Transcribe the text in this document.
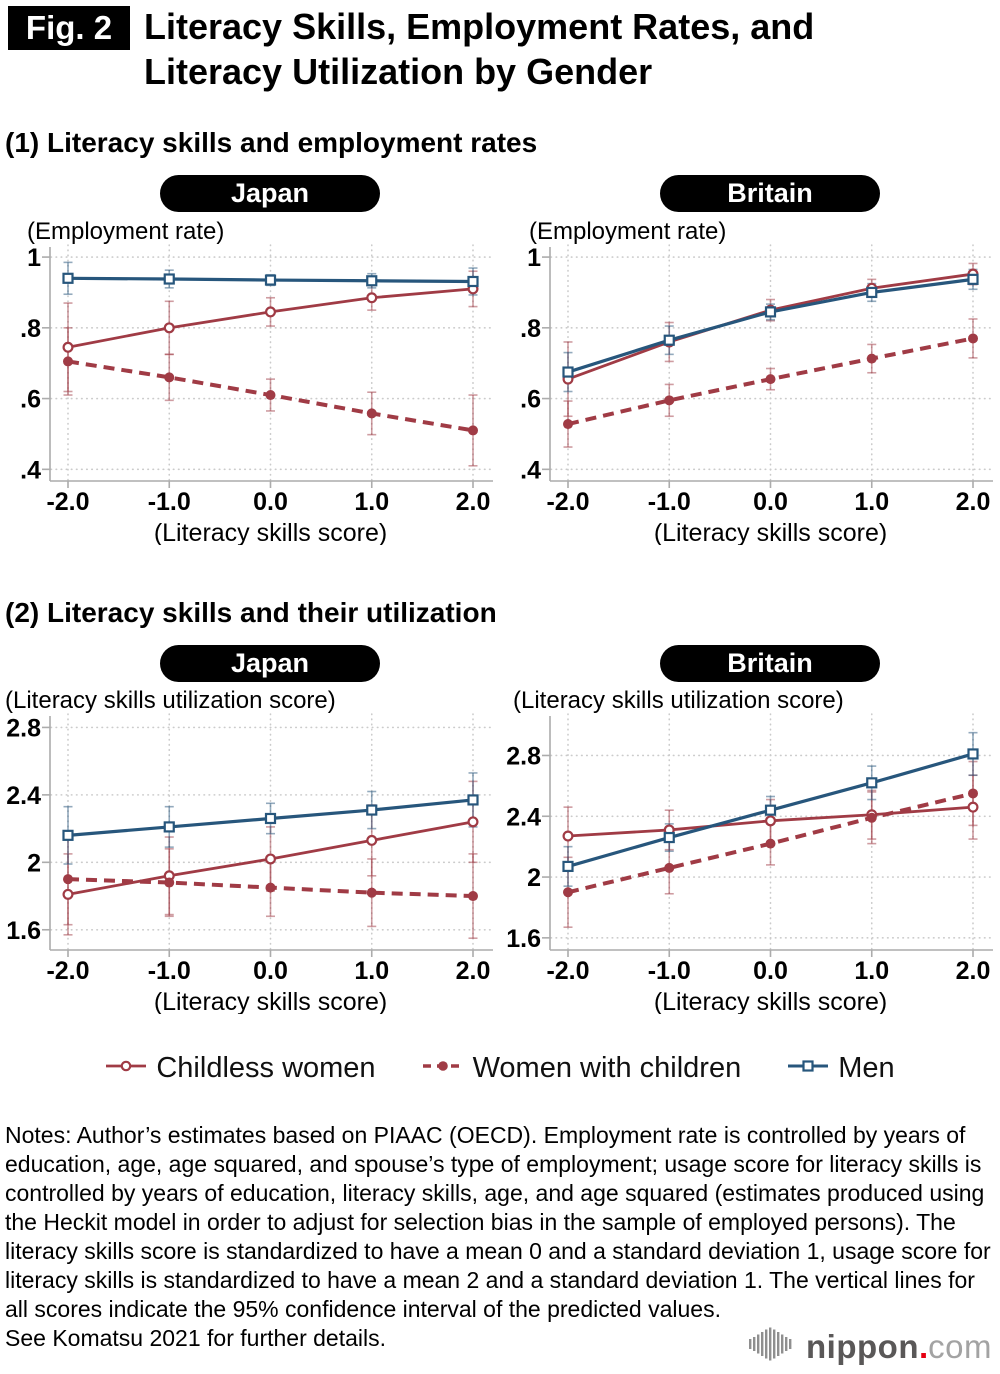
Fig. 2 Literacy Skills, Employment Rates, and
Literacy Utilization by Gender
(1) Literacy skills and employment rates
(2) Literacy skills and their utilization
Japan
(Employment rate)
1
.8
.6
.4
-2.0 -1.0 0.0	1.0	2.0
(Literacy skills score)
Britain
(Employment rate)
1
.8
.6
.4
-2.0 -1.0 0.0	1.0	2.0
(Literacy skills score)
Japan
(Literacy skills utilization score)
2.8
2.4
2
1.6
-2.0 -1.0 0.0	1.0	2.0
(Literacy skills score)
Britain
(Literacy skills utilization score)
2.8
2.4
2
1.6
-2.0 -1.0 0.0	1.0	2.0
(Literacy skills score)
Childless women	Women with children	Men

Notes: Author’s estimates based on PIAAC (OECD). Employment rate is controlled by years of education, age, age squared, and spouse’s type of employment; usage score for literacy skills is controlled by years of education, literacy skills, age, and age squared (estimates produced using the Heckit model in order to adjust for selection bias in the sample of employed persons). The literacy skills score is standardized to have a mean 0 and a standard deviation 1, usage score for literacy skills is standardized to have a mean 2 and a standard deviation 1. The vertical lines for all scores indicate the 95% confidence interval of the predicted values.

See Komatsu 2021 for further details.	nippon . com
